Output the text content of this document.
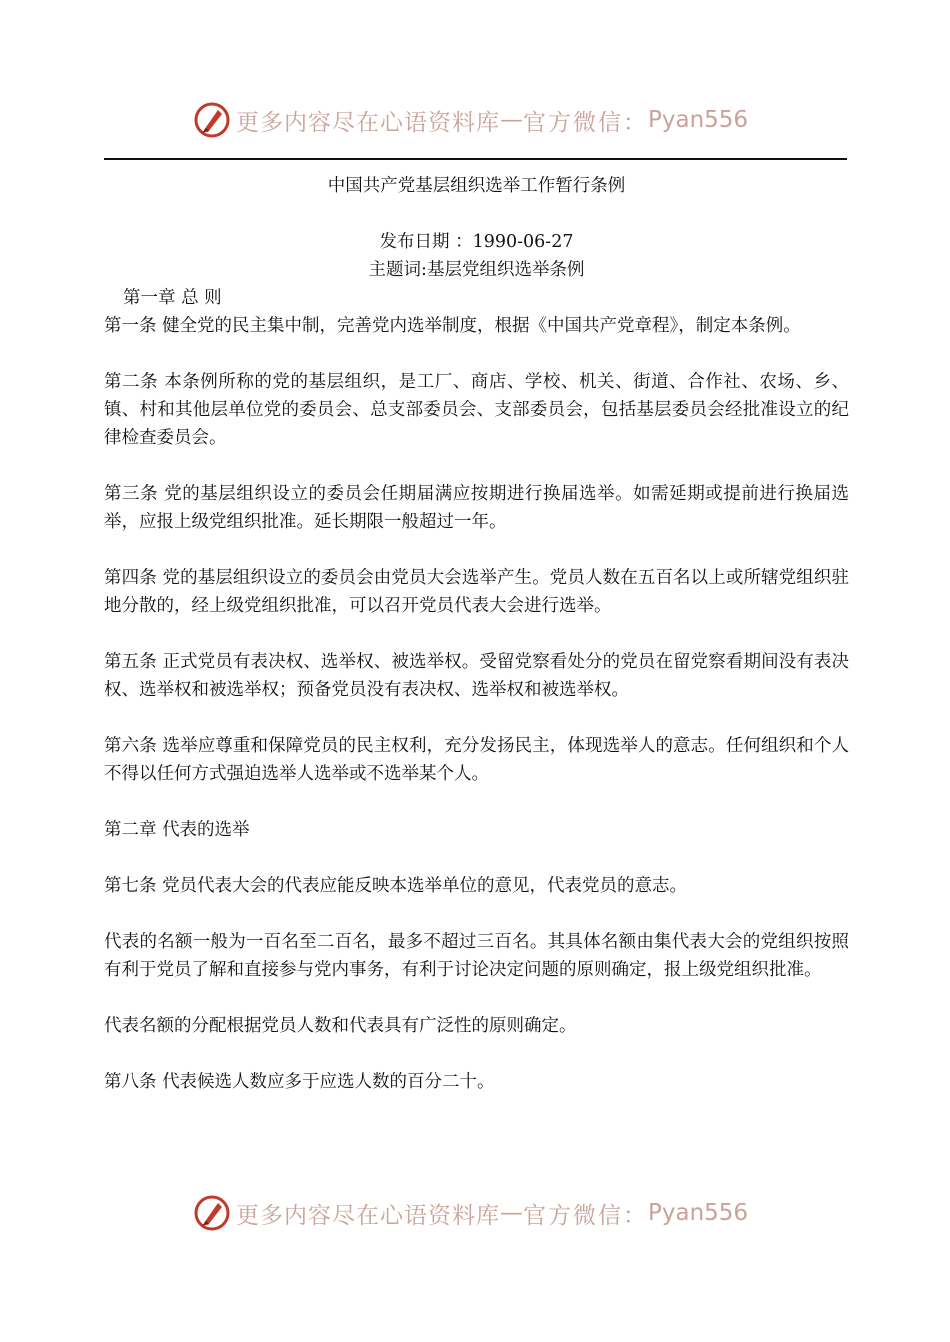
更多内容尽在心语资料库 — 官方微信： Pyan556
中国共产党基层组织选举工作暂行条例
发布日期 ：1990-06-27
主题词:基层党组织选举条例
第一章 总 则

第一条 健全党的民主集中制，完善党内选举制度，根据《中国共产党章程》，制定本条例。

第二条 本条例所称的党的基层组织，是工厂、商店、学校、机关、街道、合作社、农场、乡、镇、村和其他层单位党的委员会、总支部委员会、支部委员会，包括基层委员会经批准设立的纪律检查委员会。

第三条 党的基层组织设立的委员会任期届满应按期进行换届选举。如需延期或提前进行换届选举，应报上级党组织批准。延长期限一般超过一年。

第四条 党的基层组织设立的委员会由党员大会选举产生。党员人数在五百名以上或所辖党组织驻地分散的，经上级党组织批准，可以召开党员代表大会进行选举。

第五条 正式党员有表决权、选举权、被选举权。受留党察看处分的党员在留党察看期间没有表决权、选举权和被选举权；预备党员没有表决权、选举权和被选举权。

第六条 选举应尊重和保障党员的民主权利，充分发扬民主，体现选举人的意志。任何组织和个人不得以任何方式强迫选举人选举或不选举某个人。

第二章 代表的选举

第七条 党员代表大会的代表应能反映本选举单位的意见，代表党员的意志。

代表的名额一般为一百名至二百名，最多不超过三百名。其具体名额由集代表大会的党组织按照有利于党员了解和直接参与党内事务，有利于讨论决定问题的原则确定，报上级党组织批准。

代表名额的分配根据党员人数和代表具有广泛性的原则确定。

第八条 代表候选人数应多于应选人数的百分二十。

更多内容尽在心语资料库 — 官方微信： Pyan556
